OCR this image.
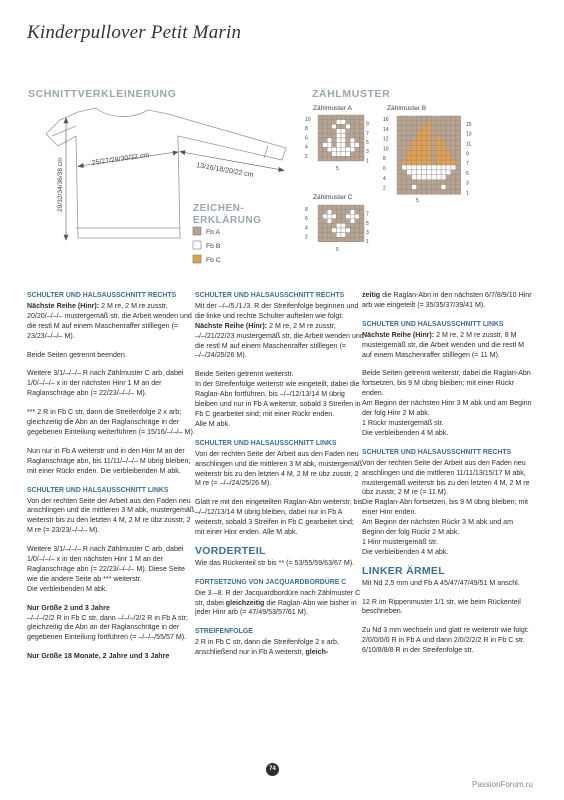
Kinderpullover Petit Marin
SCHNITTVERKLEINERUNG
25/27/29/30/32 cm
13/16/18/20/22 cm
29/32/34/36/38 cm
ZÄHLMUSTER
Zählmuster A	Zählmuster B
Zählmuster C
10
8
6
4
2
9
7
5
3
1
5
16
14
12
10
8
6
4
2
15
13
11
9
7
5
3
1
5
8
6
4
2
7
5
3
1
5
ZEICHEN-
ERKLÄRUNG
Fb A
Fb B
Fb C
SCHULTER UND HALSAUSSCHNITT RECHTS

Nächste Reihe (Hinr): 2 M re, 2 M re zusstr, 20/20/–/–/– mustergemäß str, die Arbeit wenden und die restl M auf einem Maschenraffer stilllegen (= 23/23/–/–/– M).

Beide Seiten getrennt beenden.

Weitere 3/1/–/–/– R nach Zählmuster C arb, dabei 1/0/–/–/– x in der nächsten Hinr 1 M an der Raglanschräge abn (= 22/23/–/–/– M).

*** 2 R in Fb C str, dann die Streifenfolge 2 x arb; gleichzeitig die Abn an der Raglanschräge in der gegebenen Einteilung weiterführen (= 15/16/–/–/– M).

Nun nur in Fb A weiterstr und in den Hinr M an der Raglanschräge abn, bis 11/11/–/–/– M übrig bleiben; mit einer Rückr enden. Die verbleibenden M abk.

SCHULTER UND HALSAUSSCHNITT LINKS

Von der rechten Seite der Arbeit aus den Faden neu anschlingen und die mittleren 3 M abk, mustergemäß weiterstr bis zu den letzten 4 M, 2 M re übz zusstr, 2 M re (= 23/23/–/–/– M).

Weitere 3/1/–/–/– R nach Zählmuster C arb, dabei 1/0/–/–/– x in den nächsten Hinr 1 M an der Raglanschräge abn (= 22/23/–/–/– M). Diese Seite wie die andere Seite ab *** weiterstr.

Die verbleibenden M abk.

Nur Größe 2 und 3 Jahre

–/–/–/2/2 R in Fb C str, dann –/–/–/2/2 R in Fb A str; gleichzeitig die Abn an der Raglanschräge in der gegebenen Einteilung fortführen (= –/–/–/55/57 M).

Nur Größe 18 Monate, 2 Jahre und 3 Jahre

SCHULTER UND HALSAUSSCHNITT RECHTS

Mit der –/–/5./1./3. R der Streifenfolge beginnen und die linke und rechte Schulter aufteilen wie folgt:

Nächste Reihe (Hinr): 2 M re, 2 M re zusstr, –/–/21/22/23 mustergemäß str, die Arbeit wenden und die restl M auf einem Maschenraffer stilllegen (= –/–/24/25/26 M).

Beide Seiten getrennt weiterstr.

In der Streifenfolge weiterstr wie eingeteilt, dabei die Raglan-Abn fortführen, bis –/–/12/13/14 M übrig bleiben und nur in Fb A weiterstr, sobald 3 Streifen in Fb C gearbeitet sind; mit einer Rückr enden.

Alle M abk.

SCHULTER UND HALSAUSSCHNITT LINKS

Von der rechten Seite der Arbeit aus den Faden neu anschlingen und die mittleren 3 M abk, mustergemäß weiterstr bis zu den letzten 4 M, 2 M re übz zusstr, 2 M re (= –/–/24/25/26 M).

Glatt re mit den eingeteilten Raglan-Abn weiterstr, bis –/–/12/13/14 M übrig bleiben, dabei nur in Fb A weiterstr, sobald 3 Streifen in Fb C gearbeitet sind; mit einer Hinr enden. Alle M abk.

VORDERTEIL

Wie das Rückenteil str bis ** (= 53/55/59/63/67 M).

FORTSETZUNG VON JACQUARDBORDÜRE C

Die 3.–8. R der Jacquardbordüre nach Zählmuster C str, dabei gleichzeitig die Raglan-Abn wie bisher in jeder Hinr arb (= 47/49/53/57/61 M).

STREIFENFOLGE

2 R in Fb C str, dann die Streifenfolge 2 x arb, anschließend nur in Fb A weiterstr, gleich-

zeitig die Raglan-Abn in den nächsten 6/7/8/9/10 Hinr arb wie eingeteilt (= 35/35/37/39/41 M).

SCHULTER UND HALSAUSSCHNITT LINKS

Nächste Reihe (Hinr): 2 M re, 2 M re zusstr, 8 M mustergemäß str, die Arbeit wenden und die restl M auf einem Maschenraffer stilllegen (= 11 M).

Beide Seiten getrennt weiterstr, dabei die Raglan-Abn fortsetzen, bis 9 M übrig bleiben; mit einer Rückr enden.

Am Beginn der nächsten Hinr 3 M abk und am Beginn der folg Hinr 2 M abk.

1 Rückr mustergemäß str.

Die verbleibenden 4 M abk.

SCHULTER UND HALSAUSSCHNITT RECHTS

Von der rechten Seite der Arbeit aus den Faden neu anschlingen und die mittleren 11/11/13/15/17 M abk, mustergemäß weiterstr bis zu den letzten 4 M, 2 M re übz zusstr, 2 M re (= 11 M).

Die Raglan-Abn fortsetzen, bis 9 M übrig bleiben; mit einer Hinr enden.

Am Beginn der nächsten Rückr 3 M abk und am Beginn der folg Rückr 2 M abk.

1 Hinr mustergemäß str.

Die verbleibenden 4 M abk.

LINKER ÄRMEL

Mit Nd 2,5 mm und Fb A 45/47/47/49/51 M anschl.

12 R im Rippenmuster 1/1 str, wie beim Rückenteil beschrieben.

Zu Nd 3 mm wechseln und glatt re weiterstr wie folgt:

2/0/0/0/0 R in Fb A und dann 2/0/2/2/2 R in Fb C str.

6/10/8/8/8 R in der Streifenfolge str.

74
PassionForum.ru
